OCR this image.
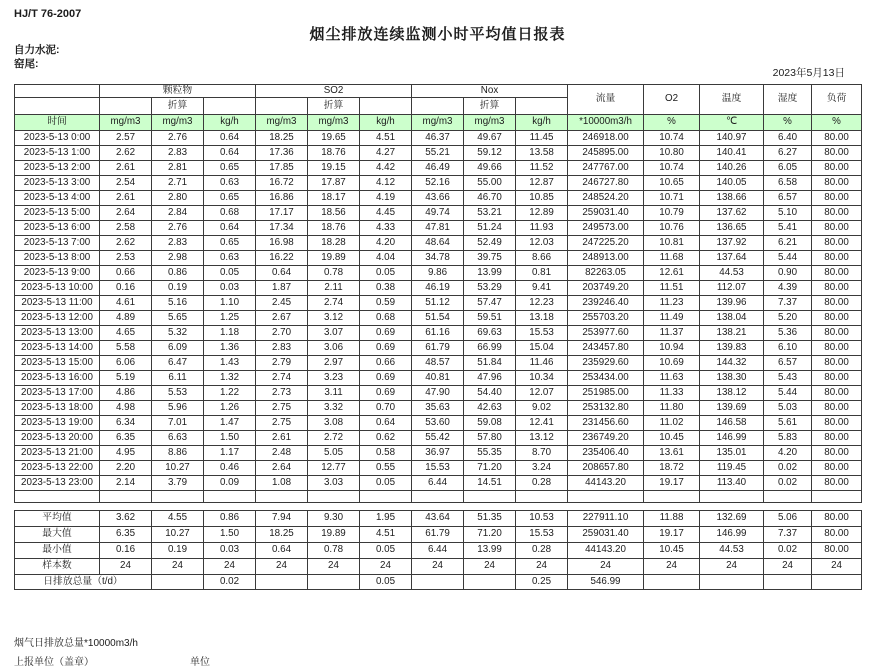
HJ/T 76-2007
烟尘排放连续监测小时平均值日报表
自力水泥:
窑尾:
2023年5月13日
	颗粒物			SO2			Nox			流量	O2	温度	湿度	负荷
		折算			折算			折算						
时间	mg/m3	mg/m3	kg/h	mg/m3	mg/m3	kg/h	mg/m3	mg/m3	kg/h	*10000m3/h	%	℃	%	%
2023-5-13 0:00	2.57	2.76	0.64	18.25	19.65	4.51	46.37	49.67	11.45	246918.00	10.74	140.97	6.40	80.00
2023-5-13 1:00	2.62	2.83	0.64	17.36	18.76	4.27	55.21	59.12	13.58	245895.00	10.80	140.41	6.27	80.00
2023-5-13 2:00	2.61	2.81	0.65	17.85	19.15	4.42	46.49	49.66	11.52	247767.00	10.74	140.26	6.05	80.00
2023-5-13 3:00	2.54	2.71	0.63	16.72	17.87	4.12	52.16	55.00	12.87	246727.80	10.65	140.05	6.58	80.00
2023-5-13 4:00	2.61	2.80	0.65	16.86	18.17	4.19	43.66	46.70	10.85	248524.20	10.71	138.66	6.57	80.00
2023-5-13 5:00	2.64	2.84	0.68	17.17	18.56	4.45	49.74	53.21	12.89	259031.40	10.79	137.62	5.10	80.00
2023-5-13 6:00	2.58	2.76	0.64	17.34	18.76	4.33	47.81	51.24	11.93	249573.00	10.76	136.65	5.41	80.00
2023-5-13 7:00	2.62	2.83	0.65	16.98	18.28	4.20	48.64	52.49	12.03	247225.20	10.81	137.92	6.21	80.00
2023-5-13 8:00	2.53	2.98	0.63	16.22	19.89	4.04	34.78	39.75	8.66	248913.00	11.68	137.64	5.44	80.00
2023-5-13 9:00	0.66	0.86	0.05	0.64	0.78	0.05	9.86	13.99	0.81	82263.05	12.61	44.53	0.90	80.00
2023-5-13 10:00	0.16	0.19	0.03	1.87	2.11	0.38	46.19	53.29	9.41	203749.20	11.51	112.07	4.39	80.00
2023-5-13 11:00	4.61	5.16	1.10	2.45	2.74	0.59	51.12	57.47	12.23	239246.40	11.23	139.96	7.37	80.00
2023-5-13 12:00	4.89	5.65	1.25	2.67	3.12	0.68	51.54	59.51	13.18	255703.20	11.49	138.04	5.20	80.00
2023-5-13 13:00	4.65	5.32	1.18	2.70	3.07	0.69	61.16	69.63	15.53	253977.60	11.37	138.21	5.36	80.00
2023-5-13 14:00	5.58	6.09	1.36	2.83	3.06	0.69	61.79	66.99	15.04	243457.80	10.94	139.83	6.10	80.00
2023-5-13 15:00	6.06	6.47	1.43	2.79	2.97	0.66	48.57	51.84	11.46	235929.60	10.69	144.32	6.57	80.00
2023-5-13 16:00	5.19	6.11	1.32	2.74	3.23	0.69	40.81	47.96	10.34	253434.00	11.63	138.30	5.43	80.00
2023-5-13 17:00	4.86	5.53	1.22	2.73	3.11	0.69	47.90	54.40	12.07	251985.00	11.33	138.12	5.44	80.00
2023-5-13 18:00	4.98	5.96	1.26	2.75	3.32	0.70	35.63	42.63	9.02	253132.80	11.80	139.69	5.03	80.00
2023-5-13 19:00	6.34	7.01	1.47	2.75	3.08	0.64	53.60	59.08	12.41	231456.60	11.02	146.58	5.61	80.00
2023-5-13 20:00	6.35	6.63	1.50	2.61	2.72	0.62	55.42	57.80	13.12	236749.20	10.45	146.99	5.83	80.00
2023-5-13 21:00	4.95	8.86	1.17	2.48	5.05	0.58	36.97	55.35	8.70	235406.40	13.61	135.01	4.20	80.00
2023-5-13 22:00	2.20	10.27	0.46	2.64	12.77	0.55	15.53	71.20	3.24	208657.80	18.72	119.45	0.02	80.00
2023-5-13 23:00	2.14	3.79	0.09	1.08	3.03	0.05	6.44	14.51	0.28	44143.20	19.17	113.40	0.02	80.00

平均值	3.62	4.55	0.86	7.94	9.30	1.95	43.64	51.35	10.53	227911.10	11.88	132.69	5.06	80.00
最大值	6.35	10.27	1.50	18.25	19.89	4.51	61.79	71.20	15.53	259031.40	19.17	146.99	7.37	80.00
最小值	0.16	0.19	0.03	0.64	0.78	0.05	6.44	13.99	0.28	44143.20	10.45	44.53	0.02	80.00
样本数	24	24	24	24	24	24	24	24	24	24	24	24	24	24
日排放总量（t/d）			0.02			0.05			0.25	546.99				
烟气日排放总量*10000m3/h
上报单位（盖章）	单位
